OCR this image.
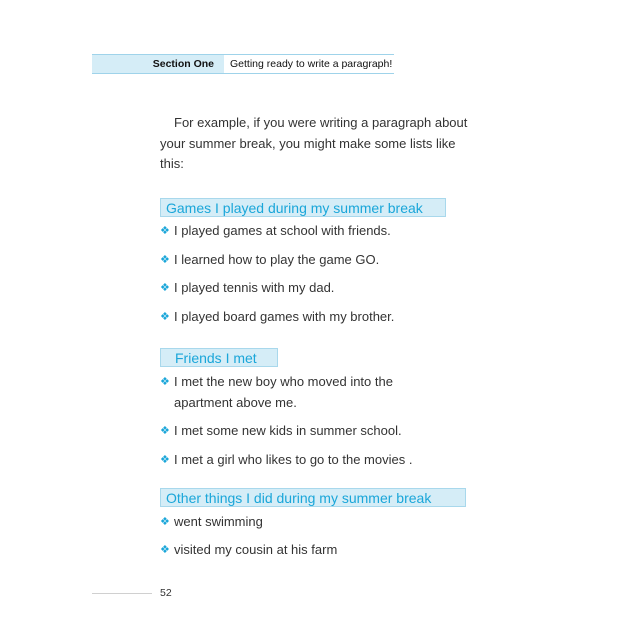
Section One	Getting ready to write a paragraph!

For example, if you were writing a paragraph about your summer break, you might make some lists like this:

Games I played during my summer break
❖ I played games at school with friends.
❖ I learned how to play the game GO.
❖ I played tennis with my dad.
❖ I played board games with my brother.
Friends I met
❖ I met the new boy who moved into the apartment above me.
❖ I met some new kids in summer school.
❖ I met a girl who likes to go to the movies .
Other things I did during my summer break
❖ went swimming
❖ visited my cousin at his farm
52
